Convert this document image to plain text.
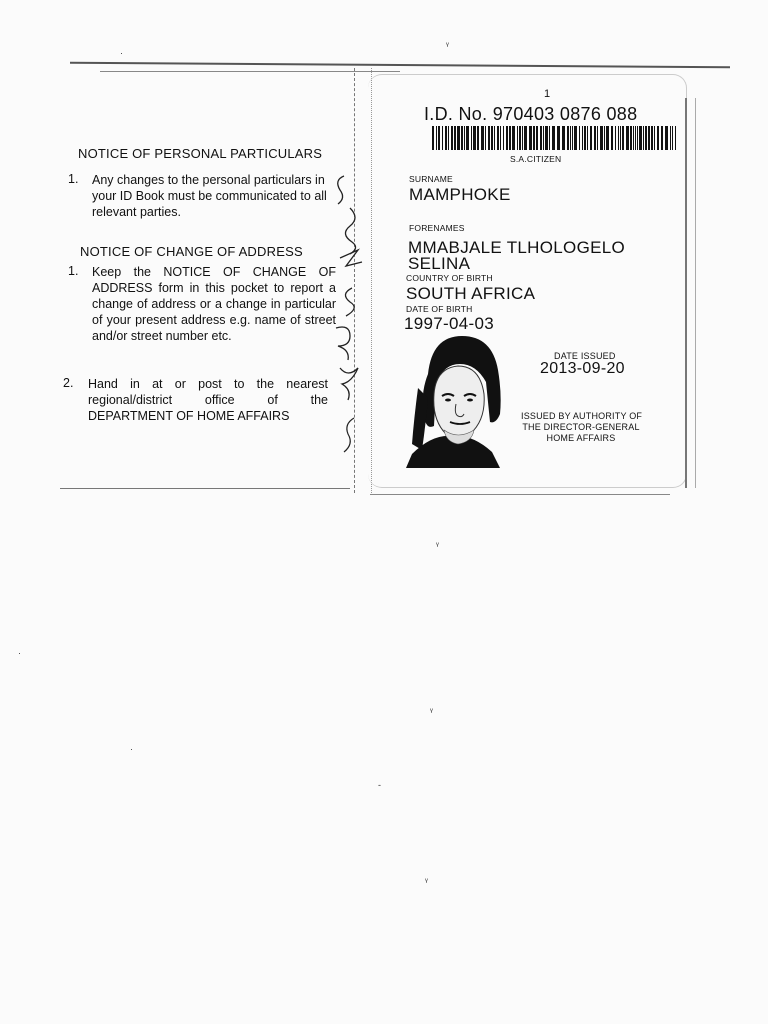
ᵞ
ᵞ
ᵞ
ᵞ
·
·
·
-
NOTICE OF PERSONAL PARTICULARS
1. Any changes to the personal particulars in your ID Book must be communicated to all relevant parties.
NOTICE OF CHANGE OF ADDRESS
1. Keep the NOTICE OF CHANGE OF ADDRESS form in this pocket to report a change of address or a change in particular of your present address e.g. name of street and/or street number etc.
2. Hand in at or post to the nearest regional/district office of the DEPARTMENT OF HOME AFFAIRS
1
I.D. No. 970403 0876 088
S.A.CITIZEN
SURNAME
MAMPHOKE
FORENAMES
MMABJALE TLHOLOGELO
SELINA
COUNTRY OF BIRTH
SOUTH AFRICA
DATE OF BIRTH
1997-04-03
DATE ISSUED
2013-09-20
ISSUED BY AUTHORITY OF
THE DIRECTOR-GENERAL
HOME AFFAIRS
